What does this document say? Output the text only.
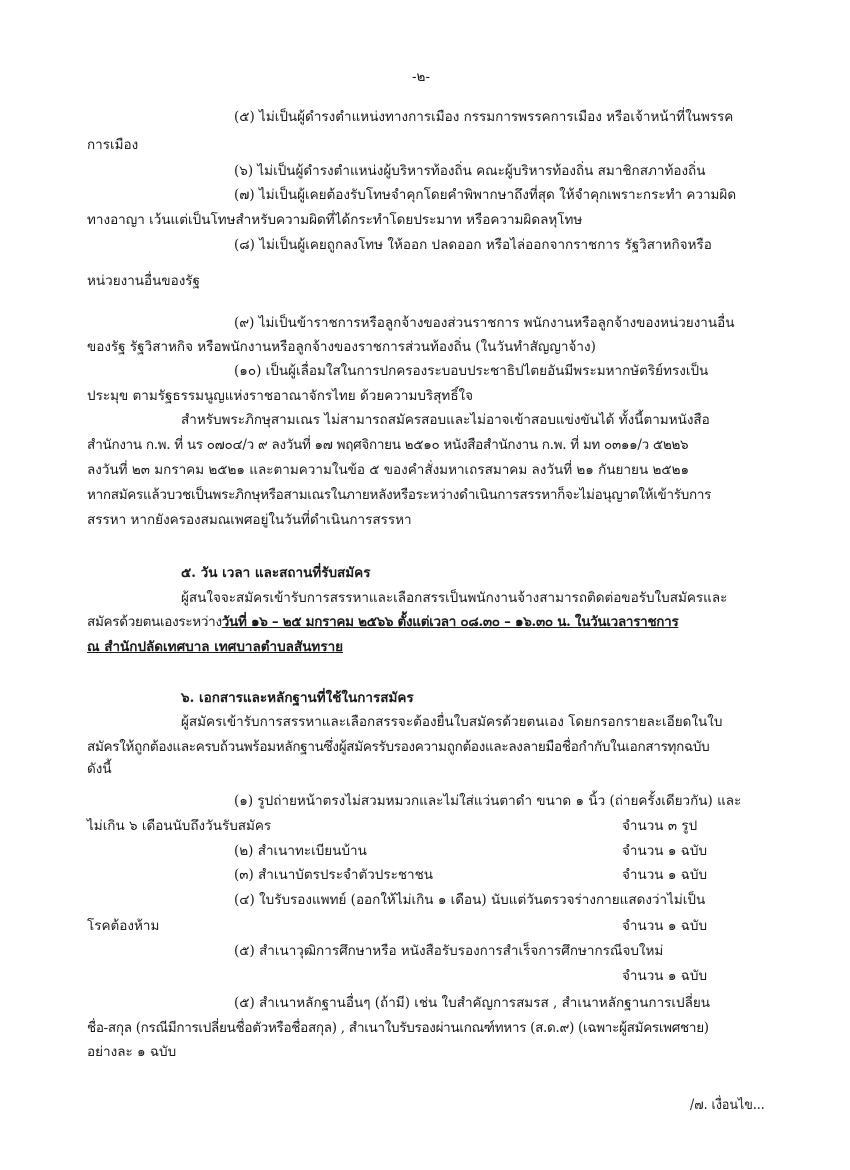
-๒-
(๕) ไม่เป็นผู้ดำรงตำแหน่งทางการเมือง กรรมการพรรคการเมือง หรือเจ้าหน้าที่ในพรรค
การเมือง
(๖) ไม่เป็นผู้ดำรงตำแหน่งผู้บริหารท้องถิ่น คณะผู้บริหารท้องถิ่น สมาชิกสภาท้องถิ่น
(๗) ไม่เป็นผู้เคยต้องรับโทษจำคุกโดยคำพิพากษาถึงที่สุด ให้จำคุกเพราะกระทำ ความผิด
ทางอาญา เว้นแต่เป็นโทษสำหรับความผิดที่ได้กระทำโดยประมาท หรือความผิดลหุโทษ
(๘) ไม่เป็นผู้เคยถูกลงโทษ ให้ออก ปลดออก หรือไล่ออกจากราชการ รัฐวิสาหกิจหรือ
หน่วยงานอื่นของรัฐ
(๙) ไม่เป็นข้าราชการหรือลูกจ้างของส่วนราชการ พนักงานหรือลูกจ้างของหน่วยงานอื่น
ของรัฐ รัฐวิสาหกิจ หรือพนักงานหรือลูกจ้างของราชการส่วนท้องถิ่น (ในวันทำสัญญาจ้าง)
(๑๐) เป็นผู้เลื่อมใสในการปกครองระบอบประชาธิปไตยอันมีพระมหากษัตริย์ทรงเป็น
ประมุข ตามรัฐธรรมนูญแห่งราชอาณาจักรไทย ด้วยความบริสุทธิ์ใจ
สำหรับพระภิกษุสามเณร ไม่สามารถสมัครสอบและไม่อาจเข้าสอบแข่งขันได้ ทั้งนี้ตามหนังสือ
สำนักงาน ก.พ. ที่ นร ๐๗๐๔/ว ๙ ลงวันที่ ๑๗ พฤศจิกายน ๒๕๑๐ หนังสือสำนักงาน ก.พ. ที่ มท ๐๓๑๑/ว ๕๒๒๖
ลงวันที่ ๒๓ มกราคม ๒๕๒๑ และตามความในข้อ ๕ ของคำสั่งมหาเถรสมาคม ลงวันที่ ๒๑ กันยายน ๒๕๒๑
หากสมัครแล้วบวชเป็นพระภิกษุหรือสามเณรในภายหลังหรือระหว่างดำเนินการสรรหาก็จะไม่อนุญาตให้เข้ารับการ
สรรหา หากยังครองสมณเพศอยู่ในวันที่ดำเนินการสรรหา
๕. วัน เวลา และสถานที่รับสมัคร
ผู้สนใจจะสมัครเข้ารับการสรรหาและเลือกสรรเป็นพนักงานจ้างสามารถติดต่อขอรับใบสมัครและ
สมัครด้วยตนเองระหว่างวันที่ ๑๖ – ๒๕ มกราคม ๒๕๖๖ ตั้งแต่เวลา ๐๘.๓๐ – ๑๖.๓๐ น. ในวันเวลาราชการ
ณ สำนักปลัดเทศบาล เทศบาลตำบลสันทราย
๖. เอกสารและหลักฐานที่ใช้ในการสมัคร
ผู้สมัครเข้ารับการสรรหาและเลือกสรรจะต้องยื่นใบสมัครด้วยตนเอง โดยกรอกรายละเอียดในใบ
สมัครให้ถูกต้องและครบถ้วนพร้อมหลักฐานซึ่งผู้สมัครรับรองความถูกต้องและลงลายมือชื่อกำกับในเอกสารทุกฉบับ
ดังนี้
(๑) รูปถ่ายหน้าตรงไม่สวมหมวกและไม่ใส่แว่นตาดำ ขนาด ๑ นิ้ว (ถ่ายครั้งเดียวกัน) และ
ไม่เกิน ๖ เดือนนับถึงวันรับสมัคร	จำนวน ๓ รูป
(๒) สำเนาทะเบียนบ้าน	จำนวน ๑ ฉบับ
(๓) สำเนาบัตรประจำตัวประชาชน	จำนวน ๑ ฉบับ
(๔) ใบรับรองแพทย์ (ออกให้ไม่เกิน ๑ เดือน) นับแต่วันตรวจร่างกายแสดงว่าไม่เป็น
โรคต้องห้าม	จำนวน ๑ ฉบับ
(๕) สำเนาวุฒิการศึกษาหรือ หนังสือรับรองการสำเร็จการศึกษากรณีจบใหม่
จำนวน ๑ ฉบับ
(๕) สำเนาหลักฐานอื่นๆ (ถ้ามี) เช่น ใบสำคัญการสมรส , สำเนาหลักฐานการเปลี่ยน
ชื่อ-สกุล (กรณีมีการเปลี่ยนชื่อตัวหรือชื่อสกุล) , สำเนาใบรับรองผ่านเกณฑ์ทหาร (ส.ด.๙) (เฉพาะผู้สมัครเพศชาย)
อย่างละ ๑ ฉบับ
/๗. เงื่อนไข...
